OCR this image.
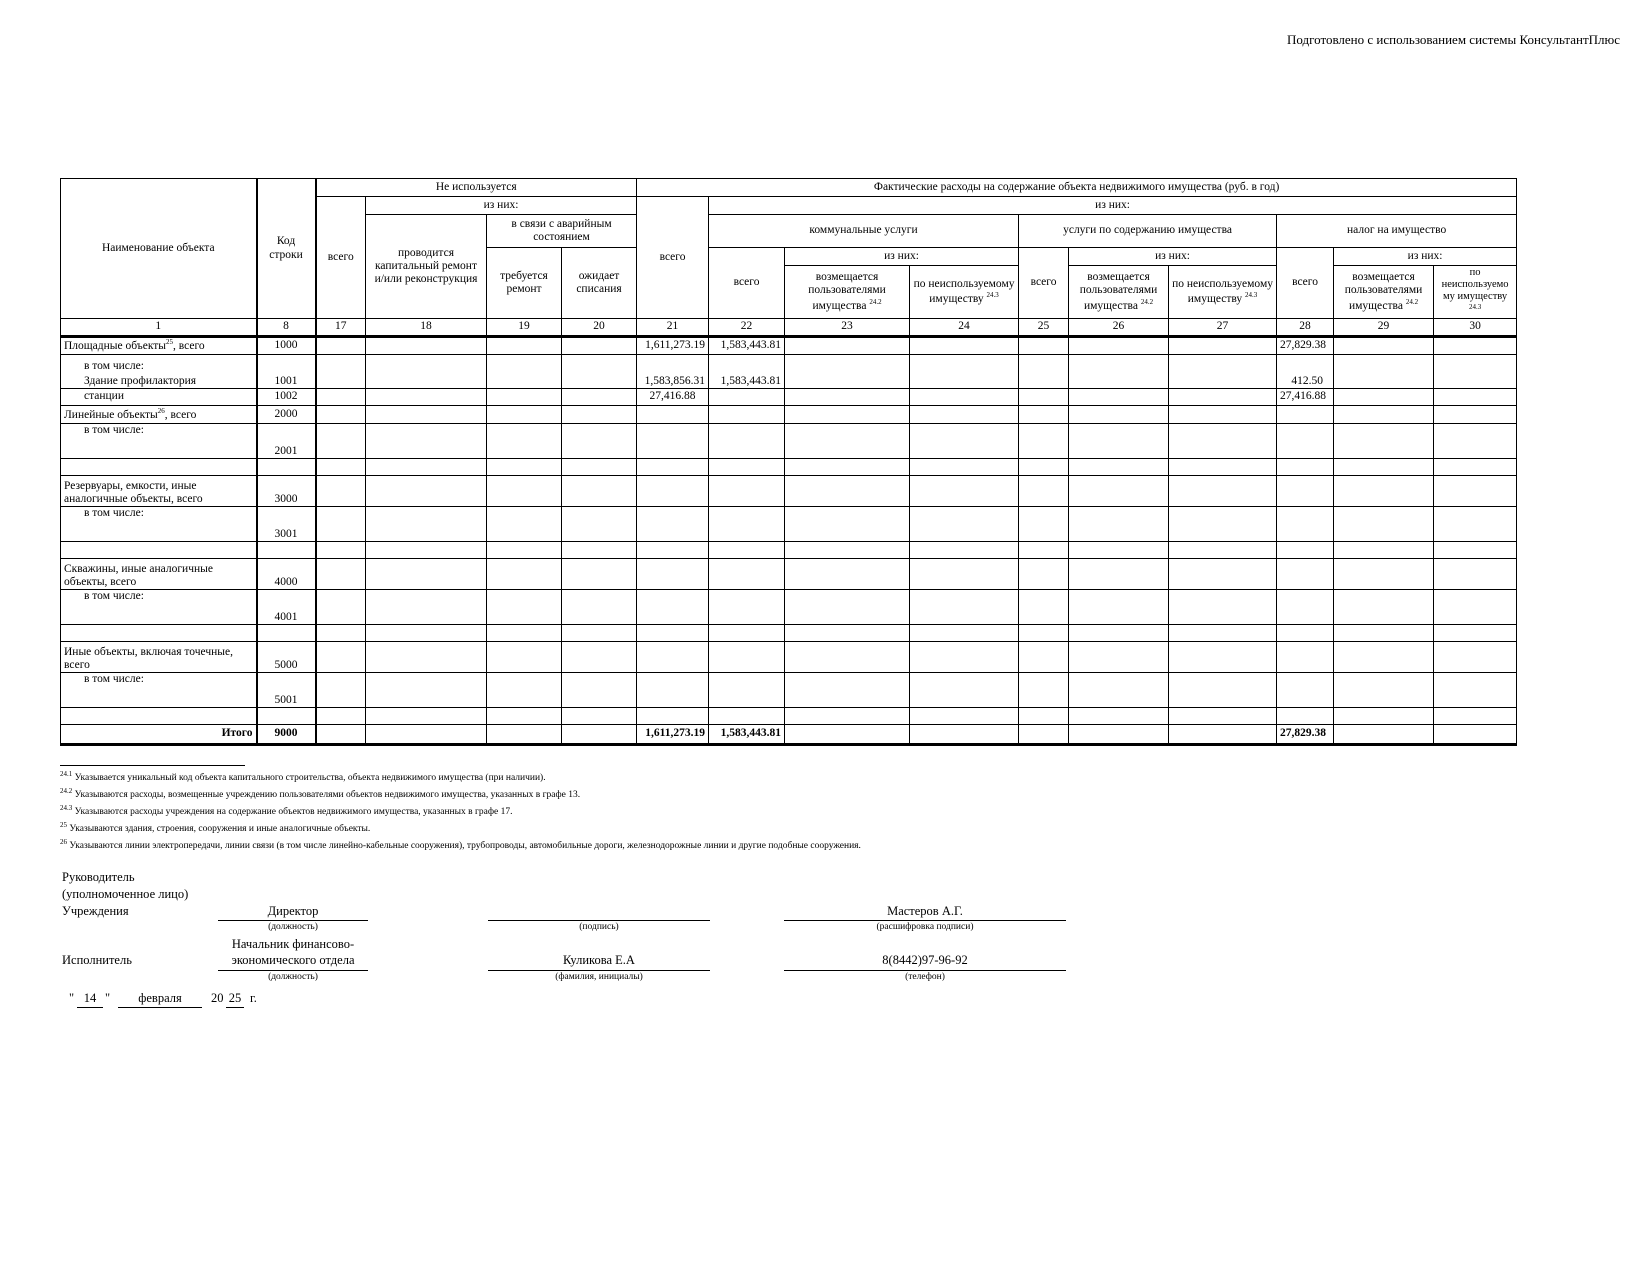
Подготовлено с использованием системы КонсультантПлюс
Наименование объекта	Код строки	Не используется				Фактические расходы на содержание объекта недвижимого имущества (руб. в год)									
		всего	из них:			всего	из них:								
			проводится капитальный ремонт и/или реконструкция	в связи с аварийным состоянием			коммунальные услуги			услуги по содержанию имущества			налог на имущество		
				требуется ремонт	ожидает списания		всего	из них:		всего	из них:		всего	из них:	
								возмещается пользователями имущества $^{24.2}$	по неиспользуемому имуществу $^{24.3}$		возмещается пользователями имущества $^{24.2}$	по неиспользуемому имуществу $^{24.3}$		возмещается пользователями имущества $^{24.2}$	по неиспользуемо му имуществу $^{24.3}$
1	8	17	18	19	20	21	22	23	24	25	26	27	28	29	30
Площадные объекты$^{25}$, всего	1000					1,611,273.19	1,583,443.81						27,829.38		

в том числе:
Здание профилактория	1001					1,583,856.31	1,583,443.81						412.50		
станции	1002					27,416.88							27,416.88		
Линейные объекты$^{26}$, всего	2000														

в том числе:	2001														

Резервуары, емкости, иные аналогичные объекты, всего	3000														

в том числе:	3001														

Скважины, иные аналогичные объекты, всего	4000														

в том числе:	4001														

Иные объекты, включая точечные, всего	5000														

в том числе:	5001														

Итого	9000					1,611,273.19	1,583,443.81						27,829.38		
$^{24.1}$ Указывается уникальный код объекта капитального строительства, объекта недвижимого имущества (при наличии).
$^{24.2}$ Указываются расходы, возмещенные учреждению пользователями объектов недвижимого имущества, указанных в графе 13.
$^{24.3}$ Указываются расходы учреждения на содержание объектов недвижимого имущества, указанных в графе 17.
$^{25}$ Указываются здания, строения, сооружения и иные аналогичные объекты.
$^{26}$ Указываются линии электропередачи, линии связи (в том числе линейно-кабельные сооружения), трубопроводы, автомобильные дороги, железнодорожные линии и другие подобные сооружения.
Руководитель
(уполномоченное лицо)
Учреждения	Директор
(должность)	(подпись)
Мастеров А.Г.
(расшифровка подписи)
Исполнитель
Начальник финансово-
экономического отдела
(должность)
Куликова Е.А
(фамилия, инициалы)
8(8442)97-96-92
(телефон)
" 14 "	февраля	20 25 г.
